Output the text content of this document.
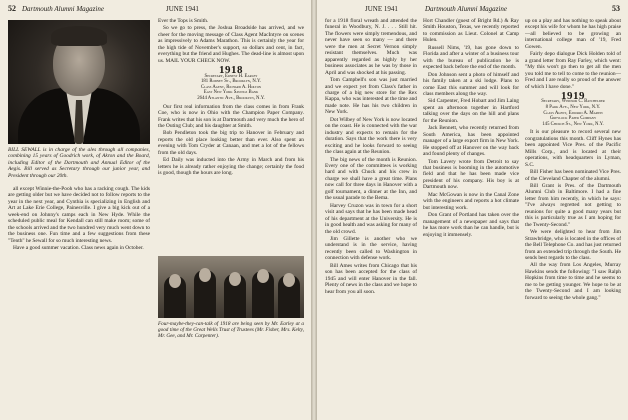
52 Dartmouth Alumni Magazine	JUNE 1941
BILL SEWALL is in charge of the ales through all companies, combining 15 years of Goodrich work, of Akron and the Board, including Editor of the Dartmouth and Annual Editor of the Aegis. Bill served as Secretary through our junior year, and President through our 20th.

all except Winnie-the-Pooh who has a racking cough. The kids are getting older but we have decided not to follow reports to the year in the next year, and Cynthia is specializing in English and Art at Lake Erie College, Painesville. I give a big kick out of a week-end on Johnny's camps each in New Hyde. While the scheduled public meal for Kendall can still make room; some of the schools arrived and the two hundred very much went down to the business one. Fun time and a few suggestions from these "Tenth" he Sewall for so much interesting news.

Have a good summer vacation. Class news again in October.

Ever the Tops is Smith.

So we go to press, the Joshua Broadside has arrived, and we cheer for the moving message of Class Agent MacIntyre on scenes as impressively to Adams Marathon. This is certainly the year for the high tide of November's support, so dollars and cent, in fact, everything but the friend and Hughes. The dead-line is almost upon us. MAIL YOUR CHECK NOW.

1918
Secretary, Ernest H. Earley
181 Rodney St., Brooklyn, N.Y.
Class Agent, Richard A. Holton
East New York Savings Bank
2644 Atlantic Ave., Brooklyn, N.Y.

Our first real information from the class comes in from Frank Coe, who is now in Ohio with the Champion Paper Company. Frank writes that his son is at Dartmouth and very much the hero of the Outing Club; and his daughter at Smith.

Bob Pendleton took the big trip to Hanover in February and reports the old place looking better than ever. Also spent an evening with Tom Cryder at Canaan, and met a lot of the fellows from the old days.

Ed Daily was inducted into the Army in March and from his letters he is already rather enjoying the change; certainly the food is good, though the hours are long.

Four-maybe-they-can-talk of 1918 are being seen by Mr. Earley at a good time of the Great Wells Trust of Trustees (Mr. Fisher, Mrs. Kelty, Mr. Gee, and Mr. Carpenter).
JUNE 1941	Dartmouth Alumni Magazine	53

for a 1918 floral wreath and attended the funeral in Woodbury, N. J. . . . Still hit. The flowers were simply tremendous, and never have seen so many — and there were the men at Secret Vernon simply resistant themselves. Much was apparently regarded as highly by her business associates as he was by those in April and was shocked at his passing.

Tom Campbell's son was just married and we expect yet from Class's father in charge of a big new store for the Rex Kappa, who was interested at the time and made note. He has his two children in New York.

Dot Wilbey of New York is now located on the coast. He is connected with the war industry and expects to remain for the duration. Says that the work there is very exciting and he looks forward to seeing the class again at the Reunion.

The big news of the month is Reunion. Every one of the committees is working hard and with Chuck and his crew in charge we shall have a great time. Plans now call for three days in Hanover with a golf tournament, a dinner at the Inn, and the usual parade to the Bema.

Harvey Cruzon was in town for a short visit and says that he has been made head of his department at the University. He is in good health and was asking for many of the old crowd.

Jim Gillette is another who we understand is in the service, having recently been called to Washington in connection with defense work.

Bill Ames writes from Chicago that his son has been accepted for the class of 1945 and will enter Hanover in the fall. Plenty of news in the class and we hope to hear from you all soon.

Hort Chandler (guest of Bright Rd.) & Ray Smith Houston, Texas, we recently reported to commission as Lieut. Colonel at Camp Hulen.

Russell Nims, '19, has gone down to Florida and after a winter of a business tour with the bureau of publication he is expected back before the end of the month.

Don Johnson sent a photo of himself and his family taken at a ski lodge. Plans to come East this summer and will look for class members along the way.

Sid Carpenter, Fred Hobart and Jim Laing spent an afternoon together in Hartford talking over the days on the hill and plans for the Reunion.

Jack Bennett, who recently returned from South America, has been appointed manager of a large export firm in New York. He stopped off at Hanover on the way back and found plenty of changes.

Tom Lavery wrote from Detroit to say that business is booming in the automotive field and that he has been made vice president of his company. His boy is at Dartmouth now.

Mac McGowan is now in the Canal Zone with the engineers and reports a hot climate but interesting work.

Don Grant of Portland has taken over the management of a newspaper and says that he has more work than he can handle, but is enjoying it immensely.

up on a play and has nothing to speak about except his wife for whom he has high praise—all believed to be growing an international college man of '19, Fred Gowen.

Fairly depo dialogue Dick Holden told of a grand letter from Ray Farley, which went: "My this won't go then to get all the men you told me to tell to come to the reunion—Fred and I are really so proud of the answer of which I have done."

1919
Secretary, Windsor C. Batchelder
8 Park Ave., New York, N.Y.
Class Agent, Edward A. Martin
Greylock Paper Company
145 Church St., New York, N.Y.

It is our pleasure to record several new congratulations this month. Cliff Hynes has been appointed Vice Pres. of the Pacific Mills Corp., and is located at their operations, with headquarters in Lyman, S.C.

Bill Fisher has been nominated Vice Pres. of the Cleveland Chapter of the alumni.

Bill Grant is Pres. of the Dartmouth Alumni Club in Baltimore. I had a fine letter from him recently, in which he says: "I've always regretted not getting to reunions for quite a good many years but this is particularly true as I am hoping for the Twenty-Second."

We were delighted to hear from Jim Strawbridge, who is located in the offices of the Bell Telephone Co. and has just returned from an extended trip through the South. He sends best regards to the class.

All the way from Los Angeles, Murray Hawkins sends the following: "I saw Ralph Hopkins from time to time and he seems to me to be getting younger. We hope to be at the Twenty-Second and I am looking forward to seeing the whole gang."
